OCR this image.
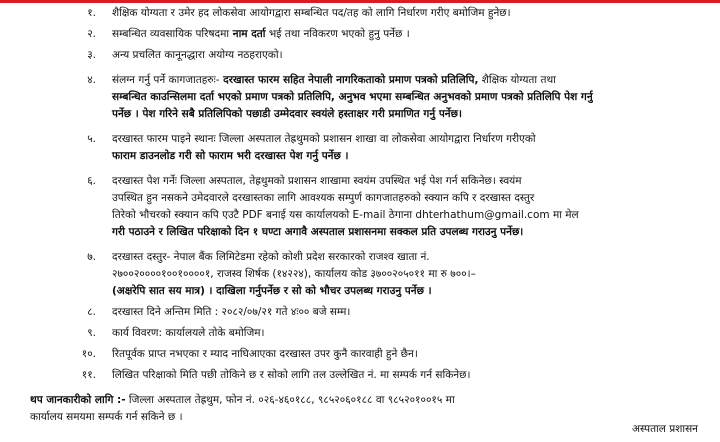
१.	शैक्षिक योग्यता र उमेर हद लोकसेवा आयोगद्वारा सम्बन्धित पद/तह को लागि निर्धारण गरीए बमोजिम हुनेछ।
२.	सम्बन्धित व्यवसायिक परिषदमा नाम दर्ता भई तथा नविकरण भएको हुनु पर्नेछ ।
३.	अन्य प्रचलित कानूनद्धारा अयोग्य नठहराएको।
४.	संलग्न गर्नु पर्ने कागजातहरुः- दरखास्त फारम सहित नेपाली नागरिकताको प्रमाण पत्रको प्रतिलिपि, शैक्षिक योग्यता तथा
सम्बन्धित काउन्सिलमा दर्ता भएको प्रमाण पत्रको प्रतिलिपि, अनुभव भएमा सम्बन्धित अनुभवको प्रमाण पत्रको प्रतिलिपि पेश गर्नु
पर्नेछ । पेश गरिने सबै प्रतिलिपिको पछाडी उम्मेदवार स्वयंले हस्ताक्षर गरी प्रमाणित गर्नु पर्नेछ।
५.	दरखास्त फारम पाइने स्थानः जिल्ला अस्पताल तेह्रथुमको प्रशासन शाखा वा लोकसेवा आयोगद्वारा निर्धारण गरीएको
फाराम डाउनलोड गरी सो फाराम भरी दरखास्त पेश गर्नु पर्नेछ ।
६.	दरखास्त पेश गर्नेः जिल्ला अस्पताल, तेह्रथुमको प्रशासन शाखामा स्वयंम उपस्थित भई पेश गर्न सकिनेछ। स्वयंम
उपस्थित हुन नसकने उमेदवारले दरखास्तका लागि आवश्यक सम्पुर्ण कागजातहरुको स्क्यान कपि र दरखास्त दस्तुर
तिरेको भौचरको स्क्यान कपि एउटै PDF बनाई यस कार्यालयको E-mail ठेगाना dhterhathum@gmail.com मा मेल
गरी पठाउने र लिखित परिक्षाको दिन १ घण्टा अगावै अस्पताल प्रशासनमा सक्कल प्रति उपलब्ध गराउनु पर्नेछ।
७.	दरखास्त दस्तुर- नेपाल बैंक लिमिटेडमा रहेको कोशी प्रदेश सरकारको राजश्व खाता नं.
२७००२००००१००१००००१, राजस्व शिर्षक (१४२२४), कार्यालय कोड ३७००२०५०११ मा रु ७००।–
(अक्षरेपि सात सय मात्र) । दाखिला गर्नुपर्नेछ र सो को भौचर उपलब्ध गराउनु पर्नेछ ।
८.	दरखास्त दिने अन्तिम मिति : २०८२/०७/२१ गते ४ः०० बजे सम्म।
९.	कार्य विवरण: कार्यालयले तोके बमोजिम।
१०.	रितपूर्वक प्राप्त नभएका र म्याद नाघिआएका दरखास्त उपर कुनै कारवाही हुने छैन।
११.	लिखित परिक्षाको मिति पछी तोकिने छ र सोको लागि तल उल्लेखित नं. मा सम्पर्क गर्न सकिनेछ।
थप जानकारीको लागि :- जिल्ला अस्पताल तेह्रथुम, फोन नं. ०२६-४६०१८८, ९८५२०६०१८८ वा ९८५२०१००१५ मा
कार्यालय समयमा सम्पर्क गर्न सकिने छ ।
अस्पताल प्रशासन
